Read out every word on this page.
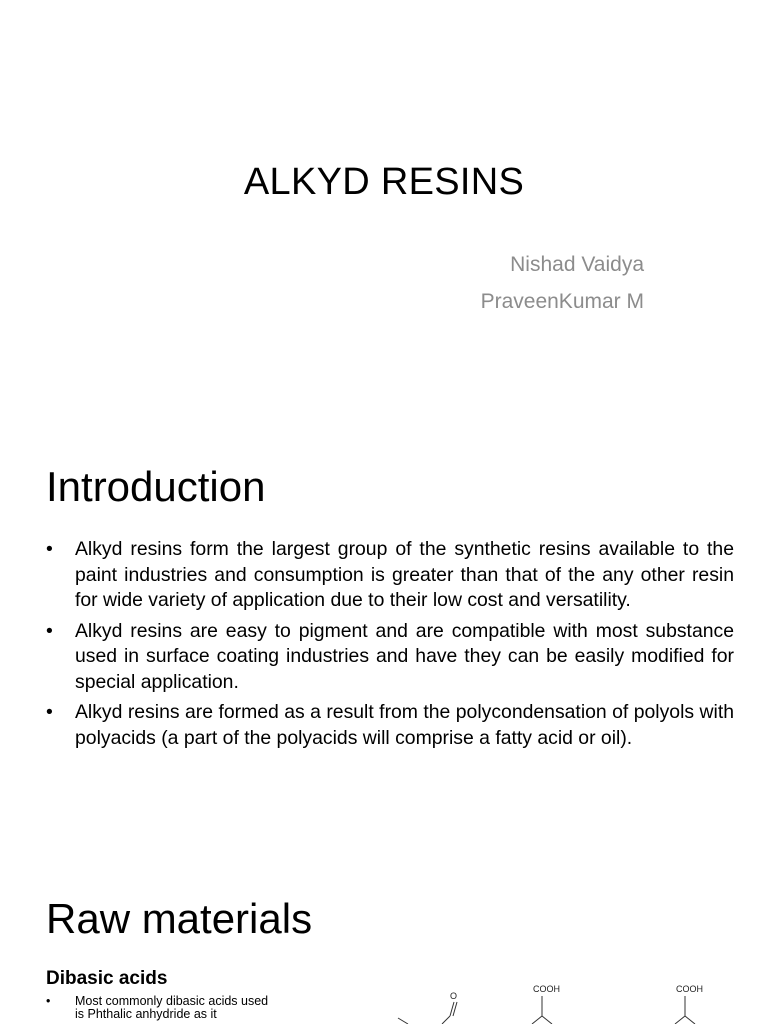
ALKYD RESINS
Nishad Vaidya
PraveenKumar M
Introduction
• Alkyd resins form the largest group of the synthetic resins available to the paint industries and consumption is greater than that of the any other resin for wide variety of application due to their low cost and versatility.
• Alkyd resins are easy to pigment and are compatible with most substance used in surface coating industries and have they can be easily modified for special application.
• Alkyd resins are formed as a result from the polycondensation of polyols with polyacids (a part of the polyacids will comprise a fatty acid or oil).
Raw materials
Dibasic acids
• Most commonly dibasic acids used is Phthalic anhydride as it
O
COOH	COOH
